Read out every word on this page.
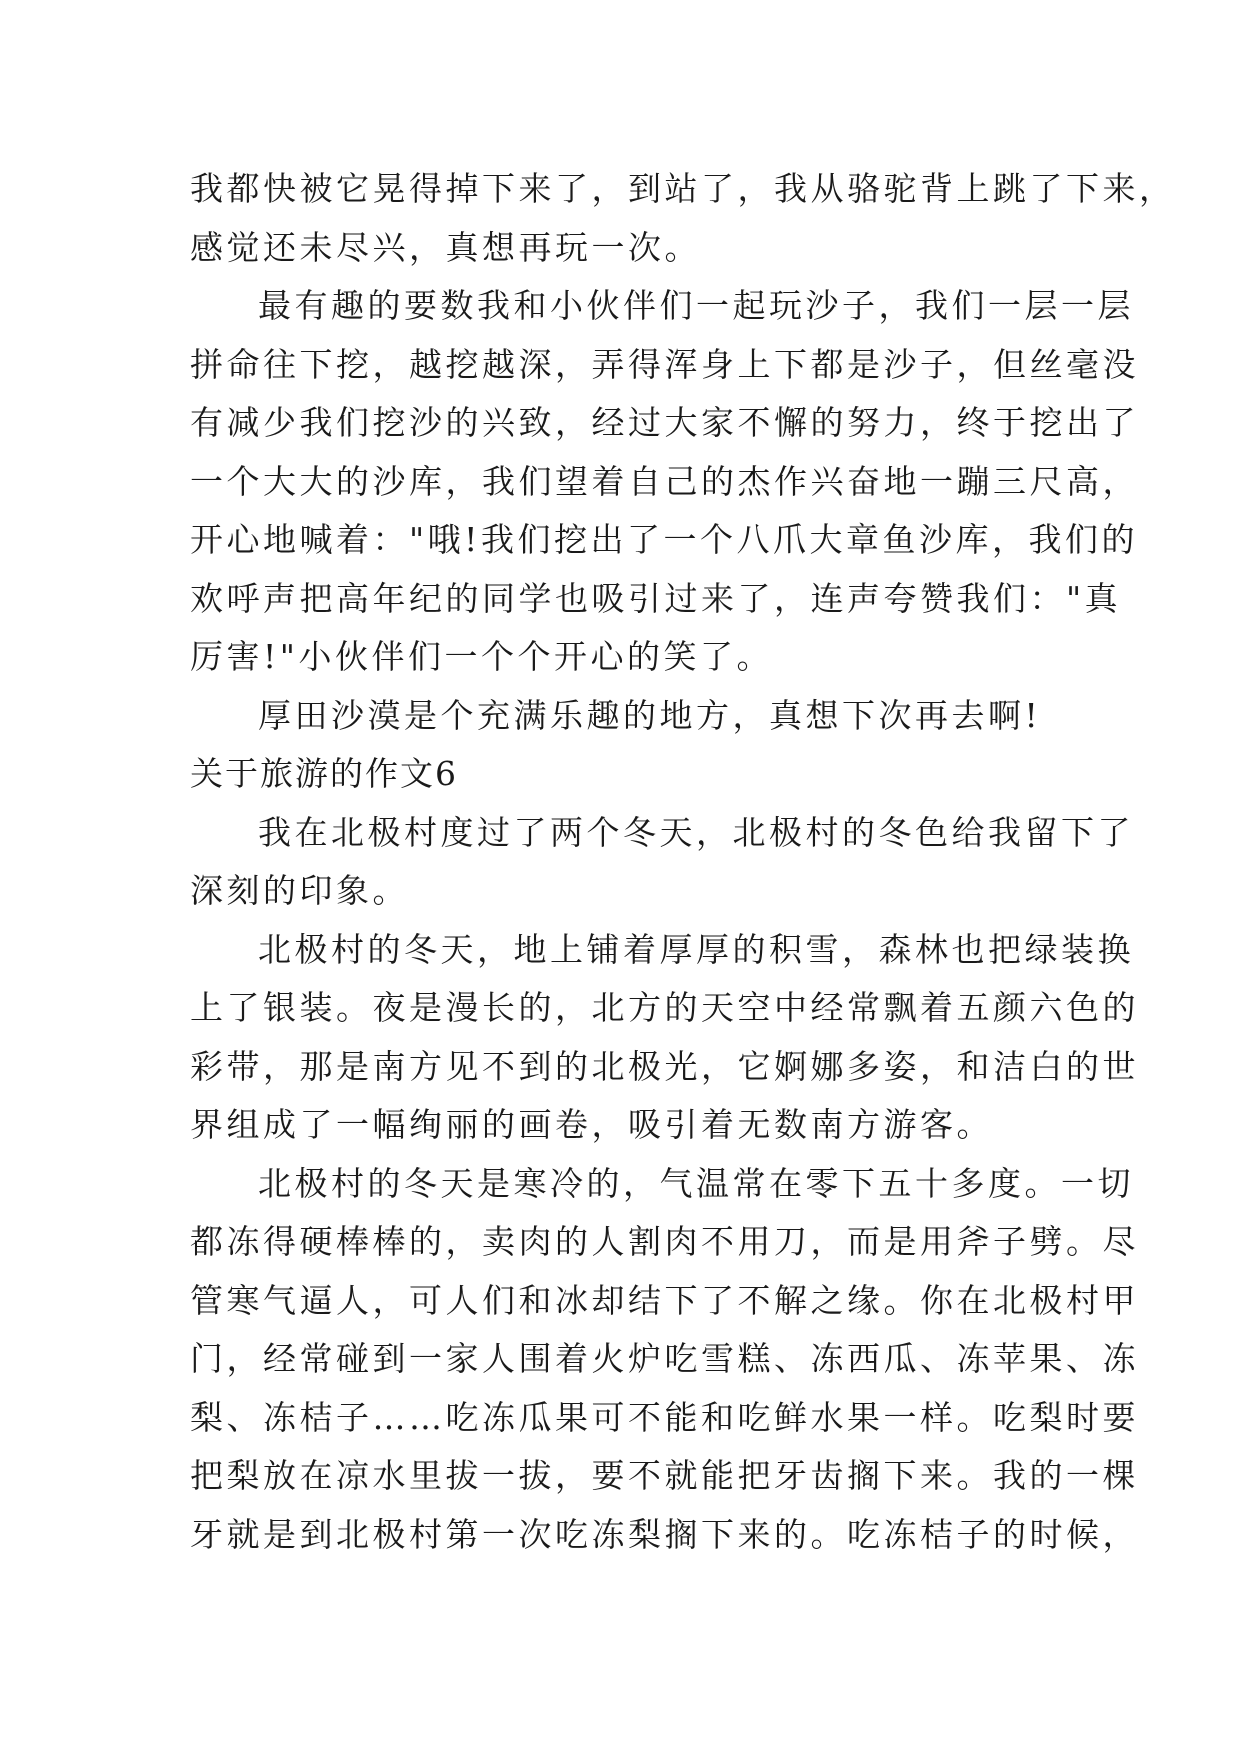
我都快被它晃得掉下来了，到站了，我从骆驼背上跳了下来，
感觉还未尽兴，真想再玩一次。
最有趣的要数我和小伙伴们一起玩沙子，我们一层一层
拼命往下挖，越挖越深，弄得浑身上下都是沙子，但丝毫没
有减少我们挖沙的兴致，经过大家不懈的努力，终于挖出了
一个大大的沙库，我们望着自己的杰作兴奋地一蹦三尺高，
开心地喊着："哦!我们挖出了一个八爪大章鱼沙库，我们的
欢呼声把高年纪的同学也吸引过来了，连声夸赞我们："真
厉害!"小伙伴们一个个开心的笑了。
厚田沙漠是个充满乐趣的地方，真想下次再去啊!
关于旅游的作文6
我在北极村度过了两个冬天，北极村的冬色给我留下了
深刻的印象。
北极村的冬天，地上铺着厚厚的积雪，森林也把绿装换
上了银装。夜是漫长的，北方的天空中经常飘着五颜六色的
彩带，那是南方见不到的北极光，它婀娜多姿，和洁白的世
界组成了一幅绚丽的画卷，吸引着无数南方游客。
北极村的冬天是寒冷的，气温常在零下五十多度。一切
都冻得硬棒棒的，卖肉的人割肉不用刀，而是用斧子劈。尽
管寒气逼人，可人们和冰却结下了不解之缘。你在北极村甲
门，经常碰到一家人围着火炉吃雪糕、冻西瓜、冻苹果、冻
梨、冻桔子……吃冻瓜果可不能和吃鲜水果一样。吃梨时要
把梨放在凉水里拔一拔，要不就能把牙齿搁下来。我的一棵
牙就是到北极村第一次吃冻梨搁下来的。吃冻桔子的时候，
